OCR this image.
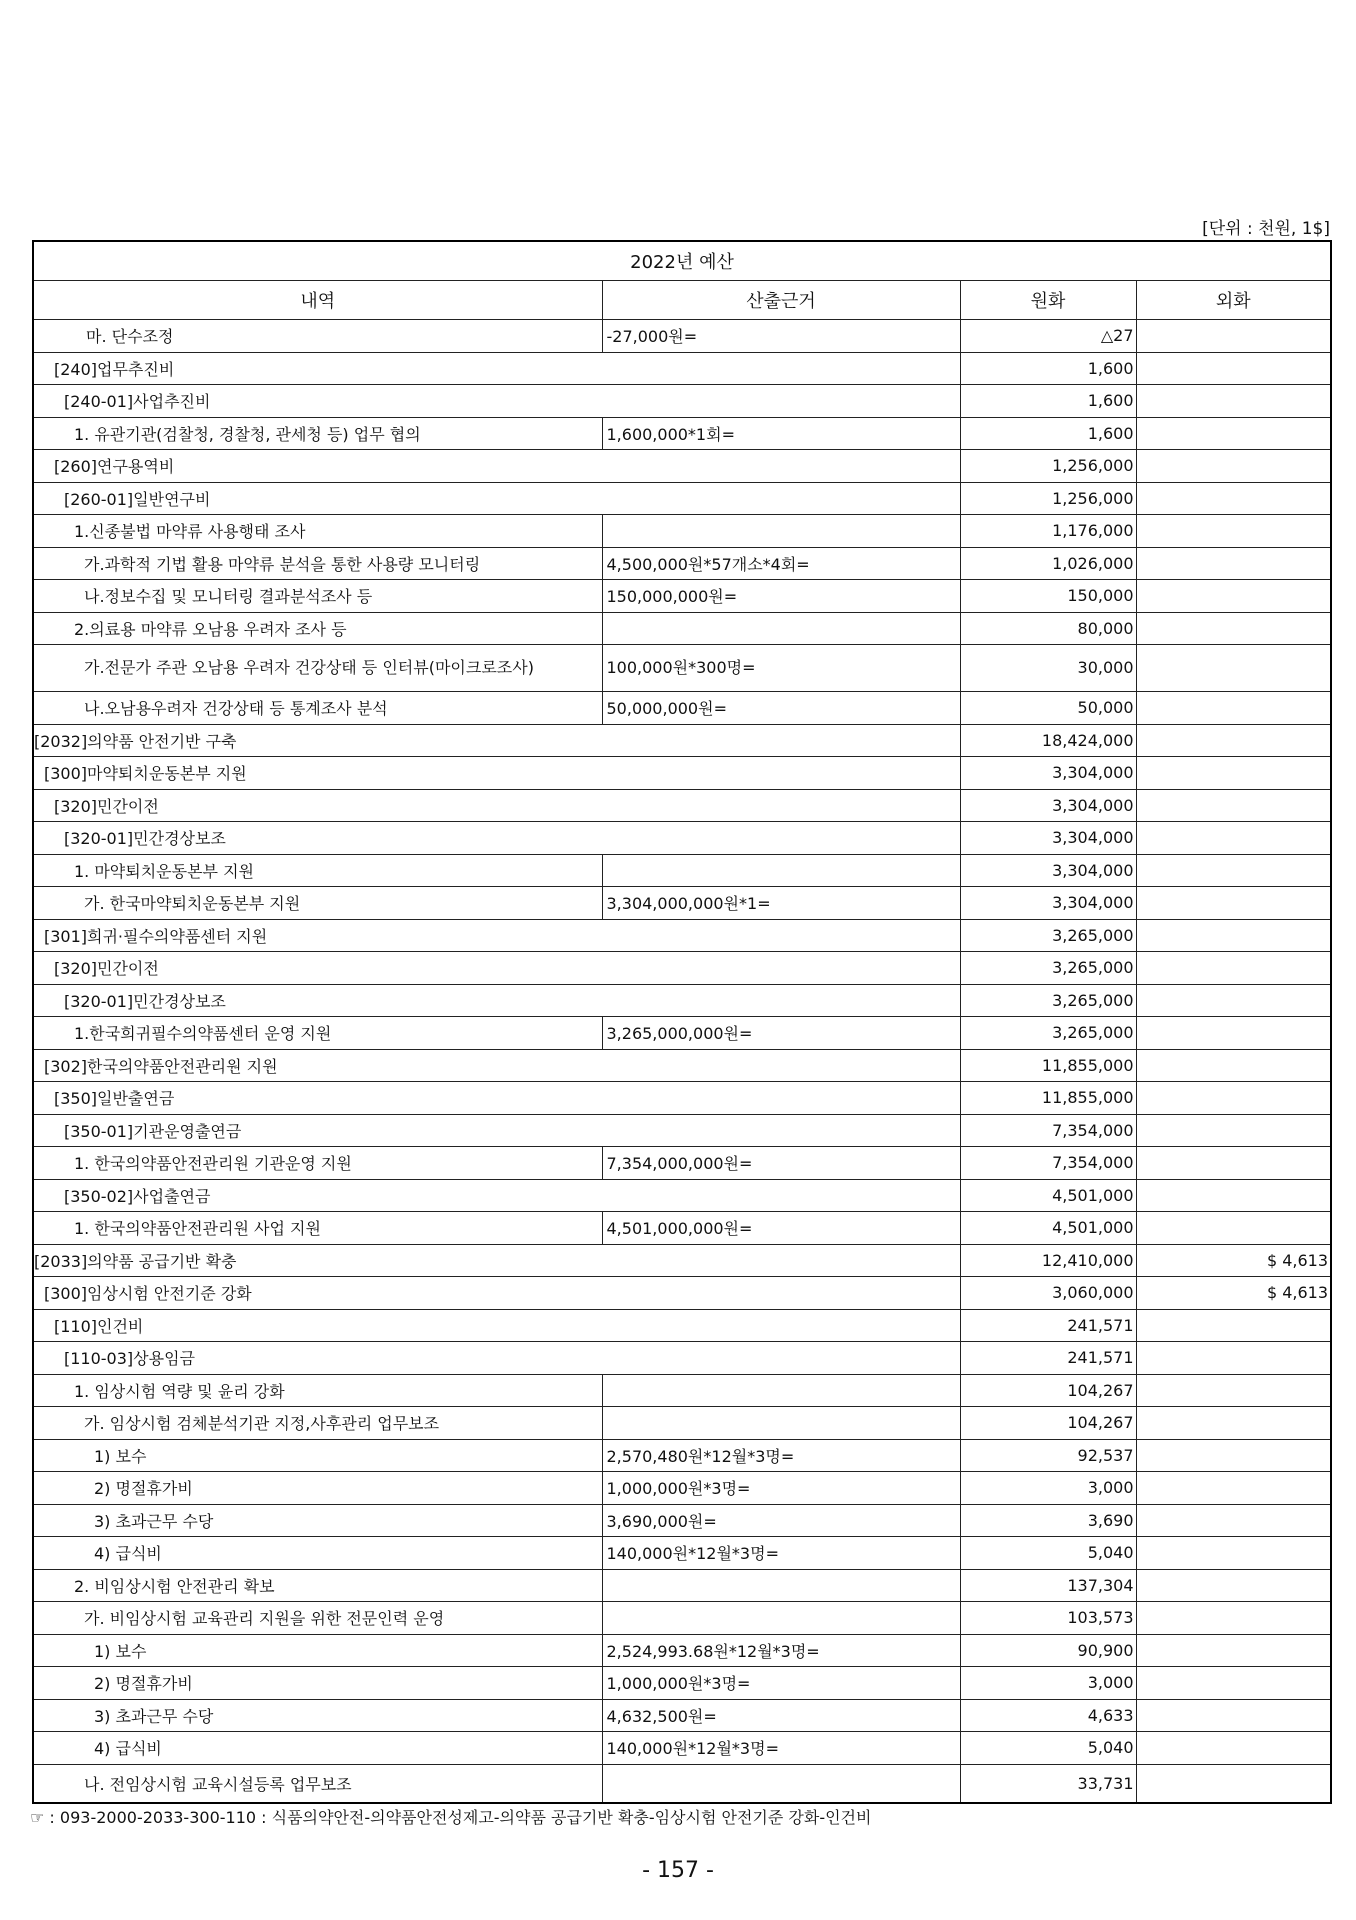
[단위 : 천원, 1$]
2022년 예산			
내역	산출근거	원화	외화
마. 단수조정	-27,000원=	△27	
[240]업무추진비		1,600	
[240-01]사업추진비		1,600	
1. 유관기관(검찰청, 경찰청, 관세청 등) 업무 협의	1,600,000*1회=	1,600	
[260]연구용역비		1,256,000	
[260-01]일반연구비		1,256,000	
1.신종불법 마약류 사용행태 조사		1,176,000	
가.과학적 기법 활용 마약류 분석을 통한 사용량 모니터링	4,500,000원*57개소*4회=	1,026,000	
나.정보수집 및 모니터링 결과분석조사 등	150,000,000원=	150,000	
2.의료용 마약류 오남용 우려자 조사 등		80,000	
가.전문가 주관 오남용 우려자 건강상태 등 인터뷰(마이크로조사)	100,000원*300명=	30,000	
나.오남용우려자 건강상태 등 통계조사 분석	50,000,000원=	50,000	
[2032]의약품 안전기반 구축		18,424,000	
[300]마약퇴치운동본부 지원		3,304,000	
[320]민간이전		3,304,000	
[320-01]민간경상보조		3,304,000	
1. 마약퇴치운동본부 지원		3,304,000	
가. 한국마약퇴치운동본부 지원	3,304,000,000원*1=	3,304,000	
[301]희귀·필수의약품센터 지원		3,265,000	
[320]민간이전		3,265,000	
[320-01]민간경상보조		3,265,000	
1.한국희귀필수의약품센터 운영 지원	3,265,000,000원=	3,265,000	
[302]한국의약품안전관리원 지원		11,855,000	
[350]일반출연금		11,855,000	
[350-01]기관운영출연금		7,354,000	
1. 한국의약품안전관리원 기관운영 지원	7,354,000,000원=	7,354,000	
[350-02]사업출연금		4,501,000	
1. 한국의약품안전관리원 사업 지원	4,501,000,000원=	4,501,000	
[2033]의약품 공급기반 확충		12,410,000	$ 4,613
[300]임상시험 안전기준 강화		3,060,000	$ 4,613
[110]인건비		241,571	
[110-03]상용임금		241,571	
1. 임상시험 역량 및 윤리 강화		104,267	
가. 임상시험 검체분석기관 지정,사후관리 업무보조		104,267	
1) 보수	2,570,480원*12월*3명=	92,537	
2) 명절휴가비	1,000,000원*3명=	3,000	
3) 초과근무 수당	3,690,000원=	3,690	
4) 급식비	140,000원*12월*3명=	5,040	
2. 비임상시험 안전관리 확보		137,304	
가. 비임상시험 교육관리 지원을 위한 전문인력 운영		103,573	
1) 보수	2,524,993.68원*12월*3명=	90,900	
2) 명절휴가비	1,000,000원*3명=	3,000	
3) 초과근무 수당	4,632,500원=	4,633	
4) 급식비	140,000원*12월*3명=	5,040	
나. 전임상시험 교육시설등록 업무보조		33,731	
☞ : 093-2000-2033-300-110 : 식품의약안전-의약품안전성제고-의약품 공급기반 확충-임상시험 안전기준 강화-인건비
- 157 -
